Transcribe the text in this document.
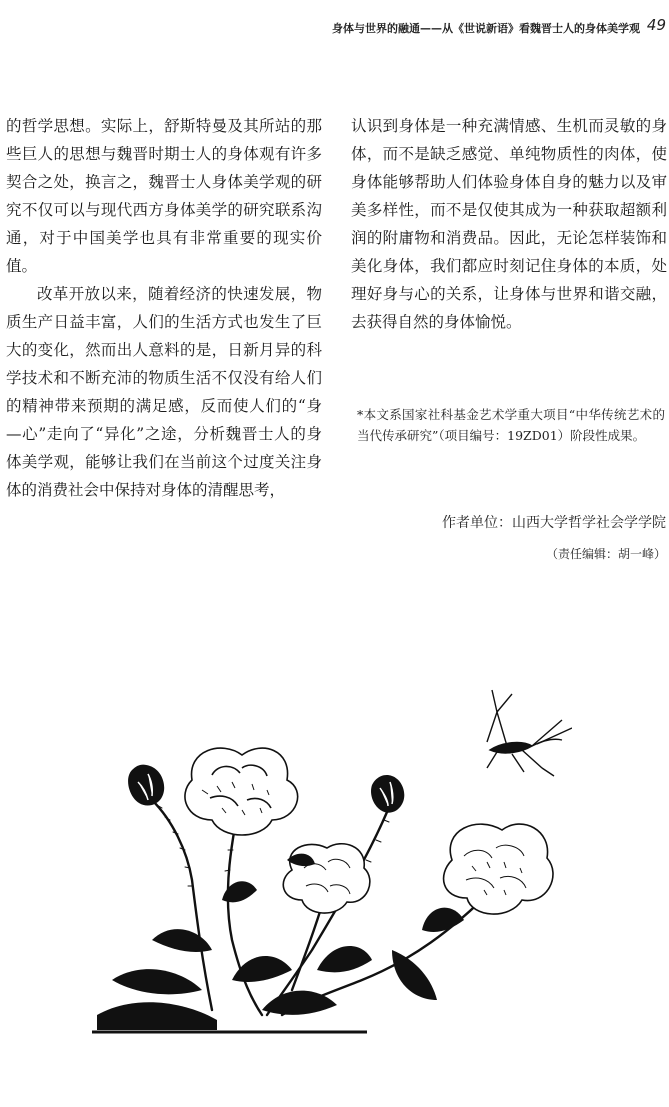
身体与世界的融通——从《世说新语》看魏晋士人的身体美学观 49

的哲学思想。实际上，舒斯特曼及其所站的那些巨人的思想与魏晋时期士人的身体观有许多契合之处，换言之，魏晋士人身体美学观的研究不仅可以与现代西方身体美学的研究联系沟通，对于中国美学也具有非常重要的现实价值。

改革开放以来，随着经济的快速发展，物质生产日益丰富，人们的生活方式也发生了巨大的变化，然而出人意料的是，日新月异的科学技术和不断充沛的物质生活不仅没有给人们的精神带来预期的满足感，反而使人们的“身—心”走向了“异化”之途，分析魏晋士人的身体美学观，能够让我们在当前这个过度关注身体的消费社会中保持对身体的清醒思考，

认识到身体是一种充满情感、生机而灵敏的身体，而不是缺乏感觉、单纯物质性的肉体，使身体能够帮助人们体验身体自身的魅力以及审美多样性，而不是仅使其成为一种获取超额利润的附庸物和消费品。因此，无论怎样装饰和美化身体，我们都应时刻记住身体的本质，处理好身与心的关系，让身体与世界和谐交融，去获得自然的身体愉悦。

*本文系国家社科基金艺术学重大项目“中华传统艺术的当代传承研究”（项目编号：19ZD01）阶段性成果。
作者单位：山西大学哲学社会学学院
（责任编辑：胡一峰）
